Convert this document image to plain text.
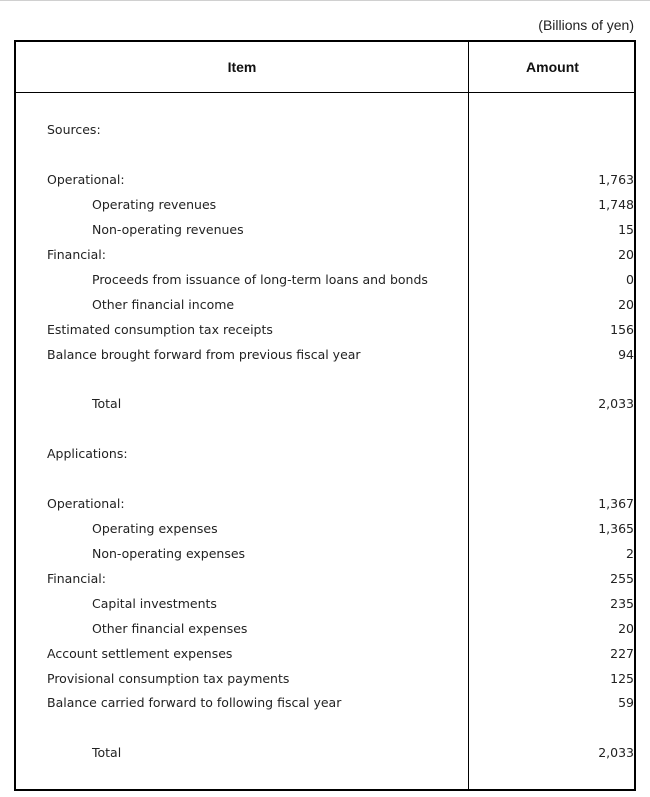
(Billions of yen)
Item	Amount
Sources:
Operational:	1,763
Operating revenues	1,748
Non-operating revenues	15
Financial:	20
Proceeds from issuance of long-term loans and bonds	0
Other financial income	20
Estimated consumption tax receipts	156
Balance brought forward from previous fiscal year	94
Total	2,033
Applications:
Operational:	1,367
Operating expenses	1,365
Non-operating expenses	2
Financial:	255
Capital investments	235
Other financial expenses	20
Account settlement expenses	227
Provisional consumption tax payments	125
Balance carried forward to following fiscal year	59
Total	2,033
